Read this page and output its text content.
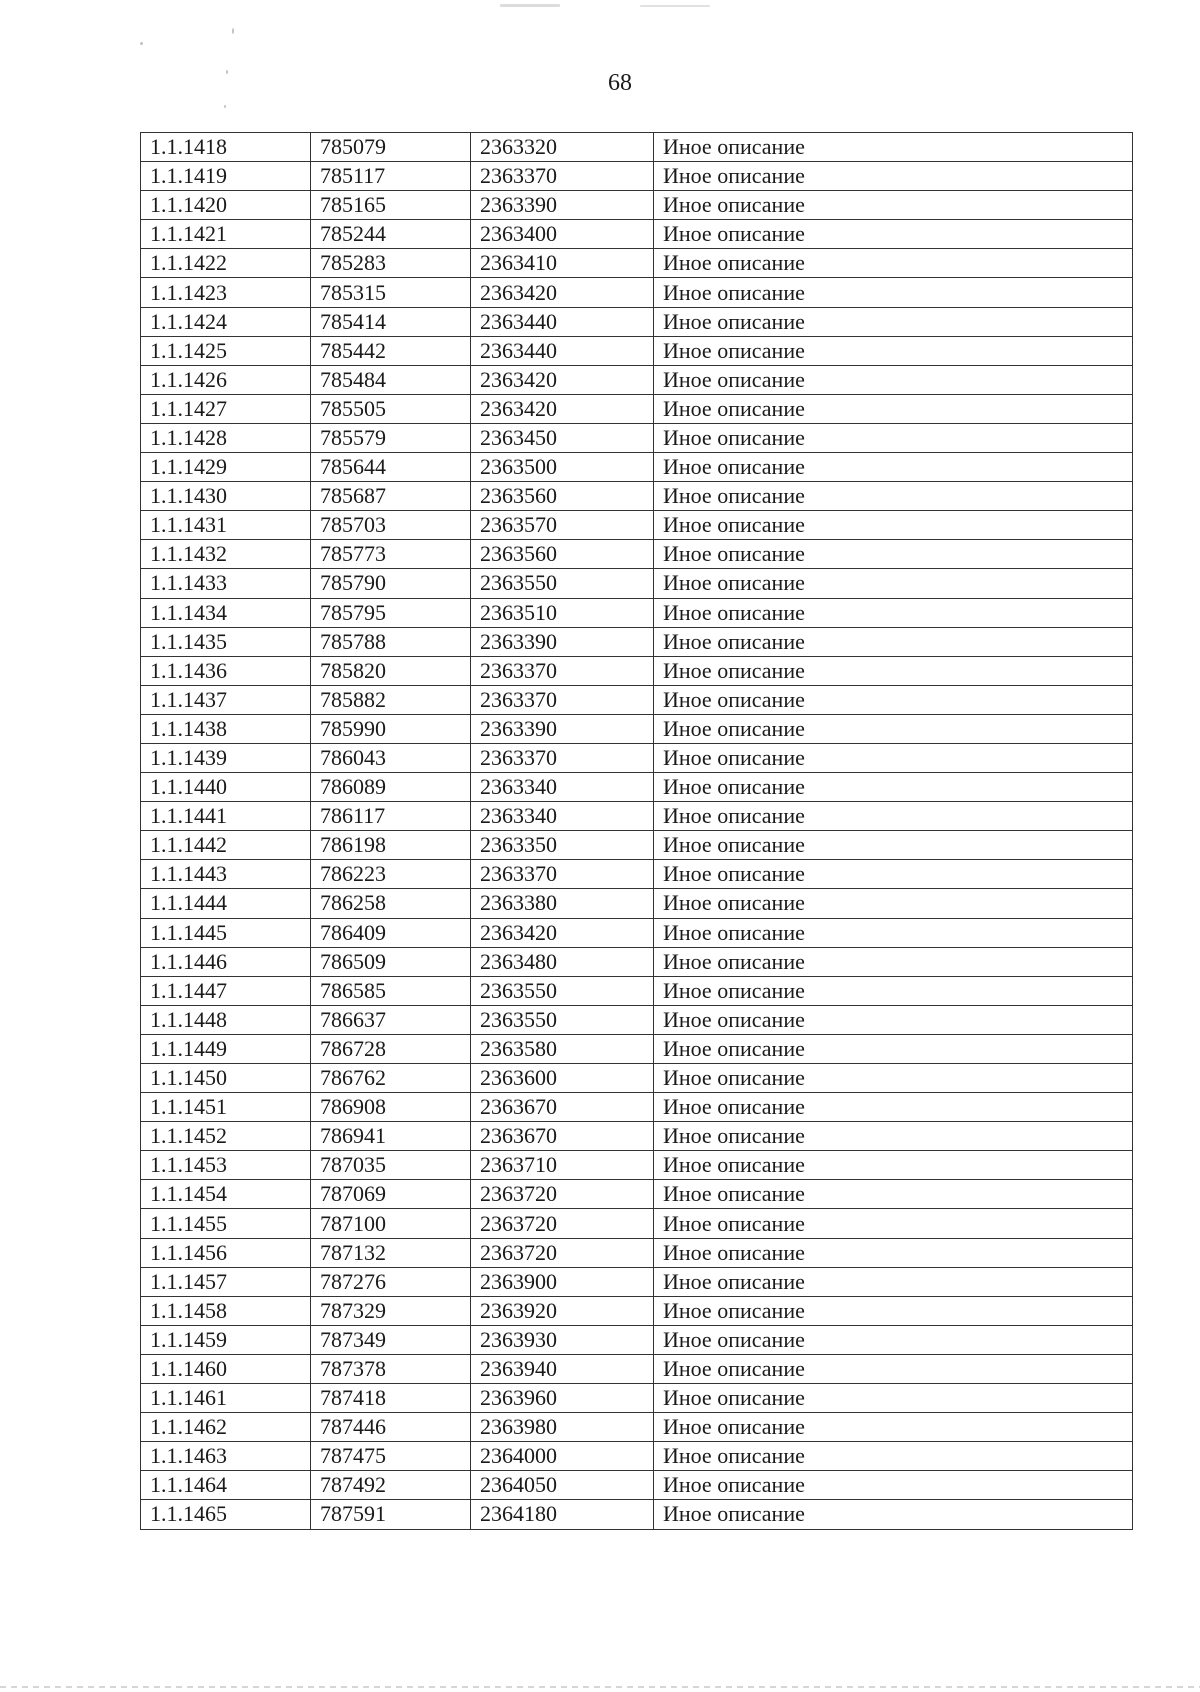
68
1.1.1418	785079	2363320	Иное описание
1.1.1419	785117	2363370	Иное описание
1.1.1420	785165	2363390	Иное описание
1.1.1421	785244	2363400	Иное описание
1.1.1422	785283	2363410	Иное описание
1.1.1423	785315	2363420	Иное описание
1.1.1424	785414	2363440	Иное описание
1.1.1425	785442	2363440	Иное описание
1.1.1426	785484	2363420	Иное описание
1.1.1427	785505	2363420	Иное описание
1.1.1428	785579	2363450	Иное описание
1.1.1429	785644	2363500	Иное описание
1.1.1430	785687	2363560	Иное описание
1.1.1431	785703	2363570	Иное описание
1.1.1432	785773	2363560	Иное описание
1.1.1433	785790	2363550	Иное описание
1.1.1434	785795	2363510	Иное описание
1.1.1435	785788	2363390	Иное описание
1.1.1436	785820	2363370	Иное описание
1.1.1437	785882	2363370	Иное описание
1.1.1438	785990	2363390	Иное описание
1.1.1439	786043	2363370	Иное описание
1.1.1440	786089	2363340	Иное описание
1.1.1441	786117	2363340	Иное описание
1.1.1442	786198	2363350	Иное описание
1.1.1443	786223	2363370	Иное описание
1.1.1444	786258	2363380	Иное описание
1.1.1445	786409	2363420	Иное описание
1.1.1446	786509	2363480	Иное описание
1.1.1447	786585	2363550	Иное описание
1.1.1448	786637	2363550	Иное описание
1.1.1449	786728	2363580	Иное описание
1.1.1450	786762	2363600	Иное описание
1.1.1451	786908	2363670	Иное описание
1.1.1452	786941	2363670	Иное описание
1.1.1453	787035	2363710	Иное описание
1.1.1454	787069	2363720	Иное описание
1.1.1455	787100	2363720	Иное описание
1.1.1456	787132	2363720	Иное описание
1.1.1457	787276	2363900	Иное описание
1.1.1458	787329	2363920	Иное описание
1.1.1459	787349	2363930	Иное описание
1.1.1460	787378	2363940	Иное описание
1.1.1461	787418	2363960	Иное описание
1.1.1462	787446	2363980	Иное описание
1.1.1463	787475	2364000	Иное описание
1.1.1464	787492	2364050	Иное описание
1.1.1465	787591	2364180	Иное описание
